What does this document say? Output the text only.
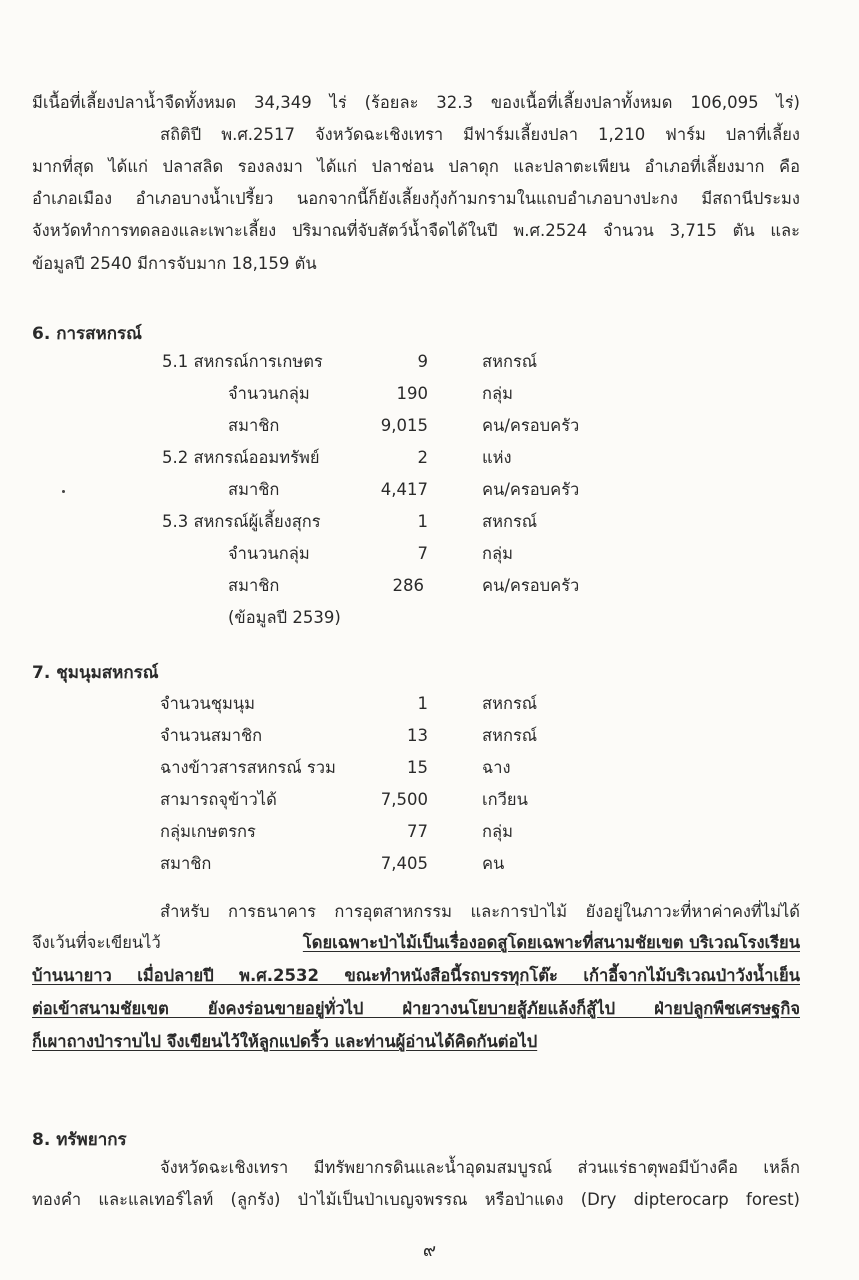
มีเนื้อที่เลี้ยงปลาน้ำจืดทั้งหมด 34,349 ไร่ (ร้อยละ 32.3 ของเนื้อที่เลี้ยงปลาทั้งหมด 106,095 ไร่)
สถิติปี พ.ศ.2517 จังหวัดฉะเชิงเทรา มีฟาร์มเลี้ยงปลา 1,210 ฟาร์ม ปลาที่เลี้ยง
มากที่สุด ได้แก่ ปลาสลิด รองลงมา ได้แก่ ปลาช่อน ปลาดุก และปลาตะเพียน อำเภอที่เลี้ยงมาก คือ
อำเภอเมือง อำเภอบางน้ำเปรี้ยว นอกจากนี้ก็ยังเลี้ยงกุ้งก้ามกรามในแถบอำเภอบางปะกง มีสถานีประมง
จังหวัดทำการทดลองและเพาะเลี้ยง ปริมาณที่จับสัตว์น้ำจืดได้ในปี พ.ศ.2524 จำนวน 3,715 ตัน และ
ข้อมูลปี 2540 มีการจับมาก 18,159 ตัน
6. การสหกรณ์
5.1 สหกรณ์การเกษตร	9	สหกรณ์
จำนวนกลุ่ม	190	กลุ่ม
สมาชิก	9,015	คน/ครอบครัว
5.2 สหกรณ์ออมทรัพย์	2	แห่ง
สมาชิก	4,417	คน/ครอบครัว
5.3 สหกรณ์ผู้เลี้ยงสุกร	1	สหกรณ์
จำนวนกลุ่ม	7	กลุ่ม
สมาชิก	286	คน/ครอบครัว
(ข้อมูลปี 2539)
7. ชุมนุมสหกรณ์
จำนวนชุมนุม	1	สหกรณ์
จำนวนสมาชิก	13	สหกรณ์
ฉางข้าวสารสหกรณ์ รวม	15	ฉาง
สามารถจุข้าวได้	7,500	เกวียน
กลุ่มเกษตรกร	77	กลุ่ม
สมาชิก	7,405	คน
สำหรับ การธนาคาร การอุตสาหกรรม และการป่าไม้ ยังอยู่ในภาวะที่หาค่าคงที่ไม่ได้
จึงเว้นที่จะเขียนไว้	โดยเฉพาะป่าไม้เป็นเรื่องอดสูโดยเฉพาะที่สนามชัยเขต บริเวณโรงเรียน
บ้านนายาว เมื่อปลายปี พ.ศ.2532 ขณะทำหนังสือนี้รถบรรทุกโต๊ะ เก้าอี้จากไม้บริเวณป่าวังน้ำเย็น
ต่อเข้าสนามชัยเขต ยังคงร่อนขายอยู่ทั่วไป ฝ่ายวางนโยบายสู้ภัยแล้งก็สู้ไป ฝ่ายปลูกพืชเศรษฐกิจ
ก็เผาถางป่าราบไป จึงเขียนไว้ให้ลูกแปดริ้ว และท่านผู้อ่านได้คิดกันต่อไป
8. ทรัพยากร
จังหวัดฉะเชิงเทรา มีทรัพยากรดินและน้ำอุดมสมบูรณ์ ส่วนแร่ธาตุพอมีบ้างคือ เหล็ก
ทองคำ และแลเทอร์ไลท์ (ลูกรัง) ป่าไม้เป็นป่าเบญจพรรณ หรือป่าแดง (Dry dipterocarp forest)
๙
